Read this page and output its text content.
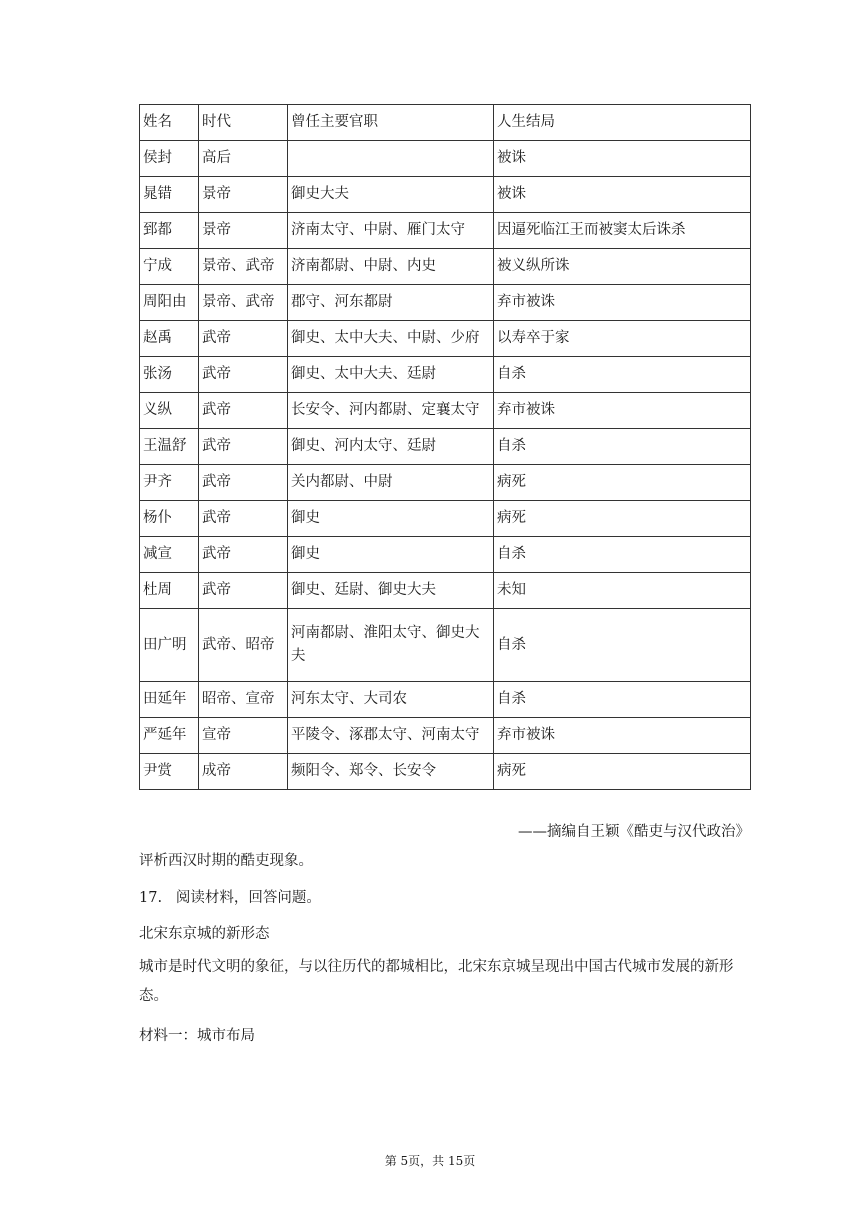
姓名	时代	曾任主要官职	人生结局
侯封	高后		被诛
晁错	景帝	御史大夫	被诛
郅都	景帝	济南太守、中尉、雁门太守	因逼死临江王而被窦太后诛杀
宁成	景帝、武帝	济南都尉、中尉、内史	被义纵所诛
周阳由	景帝、武帝	郡守、河东都尉	弃市被诛
赵禹	武帝	御史、太中大夫、中尉、少府	以寿卒于家
张汤	武帝	御史、太中大夫、廷尉	自杀
义纵	武帝	长安令、河内都尉、定襄太守	弃市被诛
王温舒	武帝	御史、河内太守、廷尉	自杀
尹齐	武帝	关内都尉、中尉	病死
杨仆	武帝	御史	病死
减宣	武帝	御史	自杀
杜周	武帝	御史、廷尉、御史大夫	未知
田广明	武帝、昭帝	河南都尉、淮阳太守、御史大夫	自杀
田延年	昭帝、宣帝	河东太守、大司农	自杀
严延年	宣帝	平陵令、涿郡太守、河南太守	弃市被诛
尹赏	成帝	频阳令、郑令、长安令	病死
——摘编自王颖《酷吏与汉代政治》
评析西汉时期的酷吏现象。
17. 阅读材料，回答问题。
北宋东京城的新形态
城市是时代文明的象征，与以往历代的都城相比，北宋东京城呈现出中国古代城市发展的新形态。
材料一：城市布局
第 5页，共 15页
